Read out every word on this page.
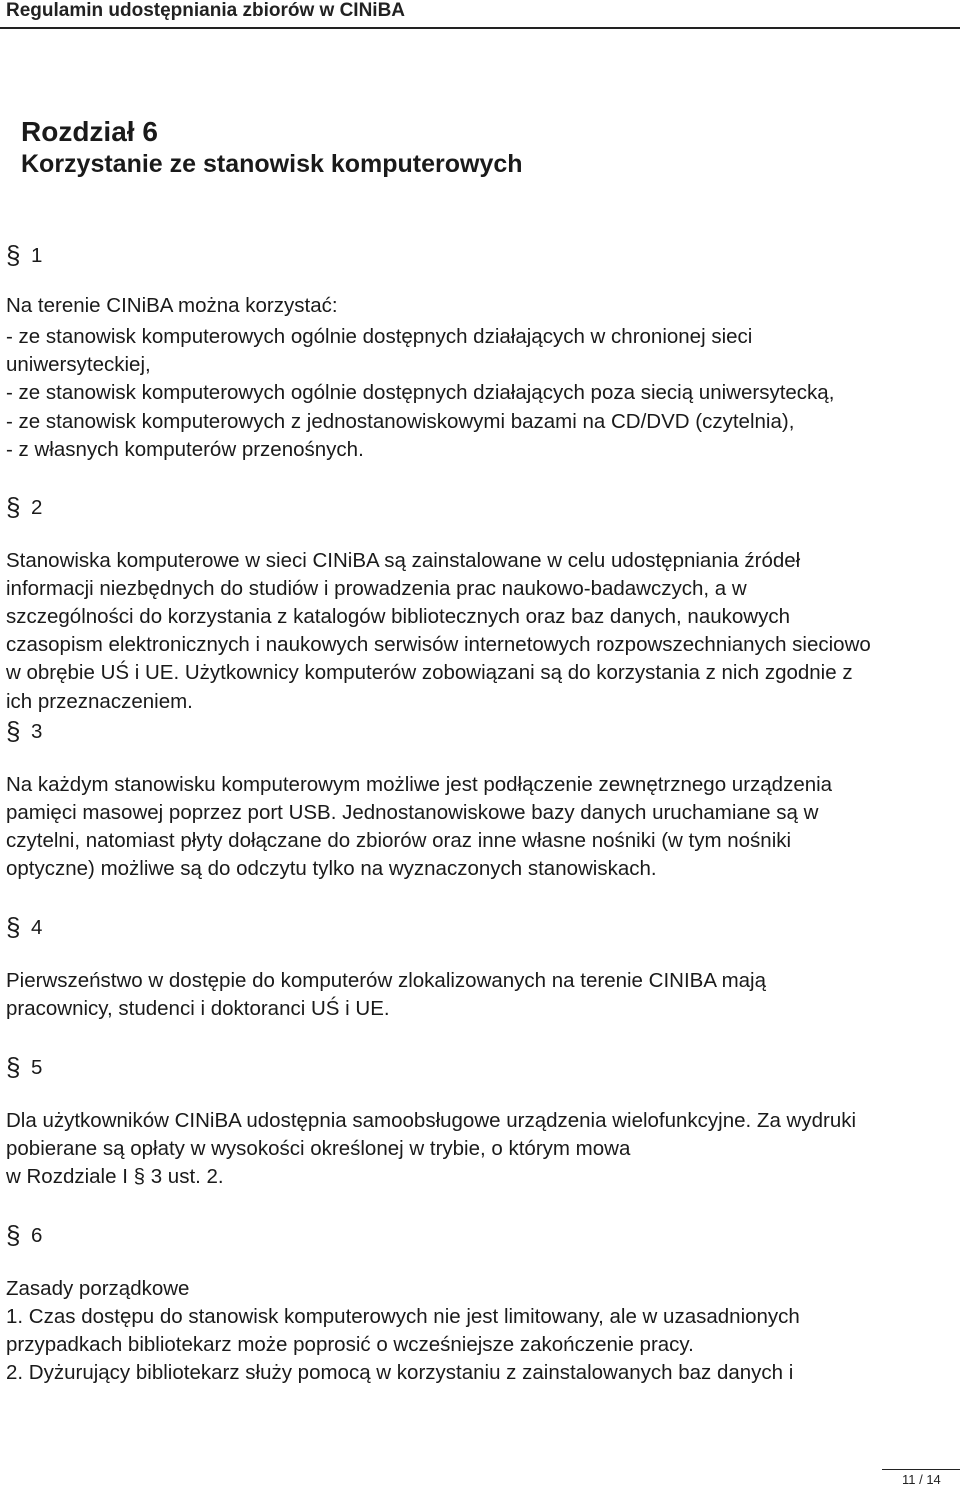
Regulamin udostępniania zbiorów w CINiBA
Rozdział 6
Korzystanie ze stanowisk komputerowych
§ 1
Na terenie CINiBA można korzystać:
- ze stanowisk komputerowych ogólnie dostępnych działających w chronionej sieci
uniwersyteckiej,
- ze stanowisk komputerowych ogólnie dostępnych działających poza siecią uniwersytecką,
- ze stanowisk komputerowych z jednostanowiskowymi bazami na CD/DVD (czytelnia),
- z własnych komputerów przenośnych.
§ 2
Stanowiska komputerowe w sieci CINiBA są zainstalowane w celu udostępniania źródeł
informacji niezbędnych do studiów i prowadzenia prac naukowo-badawczych, a w
szczególności do korzystania z katalogów bibliotecznych oraz baz danych, naukowych
czasopism elektronicznych i naukowych serwisów internetowych rozpowszechnianych sieciowo
w obrębie UŚ i UE. Użytkownicy komputerów zobowiązani są do korzystania z nich zgodnie z
ich przeznaczeniem.
§ 3
Na każdym stanowisku komputerowym możliwe jest podłączenie zewnętrznego urządzenia
pamięci masowej poprzez port USB. Jednostanowiskowe bazy danych uruchamiane są w
czytelni, natomiast płyty dołączane do zbiorów oraz inne własne nośniki (w tym nośniki
optyczne) możliwe są do odczytu tylko na wyznaczonych stanowiskach.
§ 4
Pierwszeństwo w dostępie do komputerów zlokalizowanych na terenie CINIBA mają
pracownicy, studenci i doktoranci UŚ i UE.
§ 5
Dla użytkowników CINiBA udostępnia samoobsługowe urządzenia wielofunkcyjne. Za wydruki
pobierane są opłaty w wysokości określonej w trybie, o którym mowa
w Rozdziale I § 3 ust. 2.
§ 6
Zasady porządkowe
1. Czas dostępu do stanowisk komputerowych nie jest limitowany, ale w uzasadnionych
przypadkach bibliotekarz może poprosić o wcześniejsze zakończenie pracy.
2. Dyżurujący bibliotekarz służy pomocą w korzystaniu z zainstalowanych baz danych i
11 / 14
